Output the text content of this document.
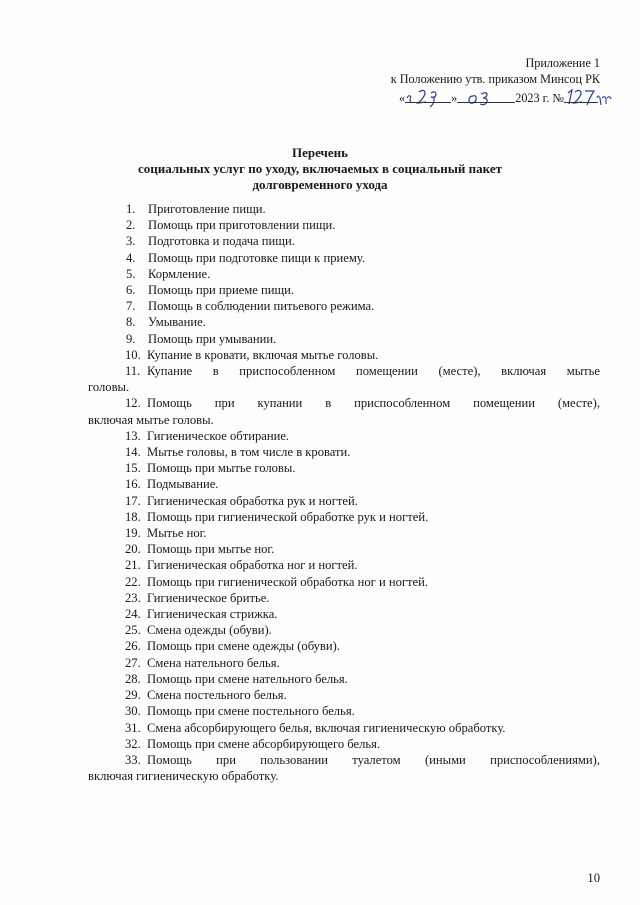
Приложение 1
к Положению утв. приказом Минсоц РК
«	»	2023 г. №
Перечень
социальных услуг по уходу, включаемых в социальный пакет
долговременного ухода
1. Приготовление пищи.
2. Помощь при приготовлении пищи.
3. Подготовка и подача пищи.
4. Помощь при подготовке пищи к приему.
5. Кормление.
6. Помощь при приеме пищи.
7. Помощь в соблюдении питьевого режима.
8. Умывание.
9. Помощь при умывании.
10. Купание в кровати, включая мытье головы.
11. Купание в приспособленном помещении (месте), включая мытье
головы.
12. Помощь при купании в приспособленном помещении (месте),
включая мытье головы.
13. Гигиеническое обтирание.
14. Мытье головы, в том числе в кровати.
15. Помощь при мытье головы.
16. Подмывание.
17. Гигиеническая обработка рук и ногтей.
18. Помощь при гигиенической обработке рук и ногтей.
19. Мытье ног.
20. Помощь при мытье ног.
21. Гигиеническая обработка ног и ногтей.
22. Помощь при гигиенической обработка ног и ногтей.
23. Гигиеническое бритье.
24. Гигиеническая стрижка.
25. Смена одежды (обуви).
26. Помощь при смене одежды (обуви).
27. Смена нательного белья.
28. Помощь при смене нательного белья.
29. Смена постельного белья.
30. Помощь при смене постельного белья.
31. Смена абсорбирующего белья, включая гигиеническую обработку.
32. Помощь при смене абсорбирующего белья.
33. Помощь при пользовании туалетом (иными приспособлениями),
включая гигиеническую обработку.
10
